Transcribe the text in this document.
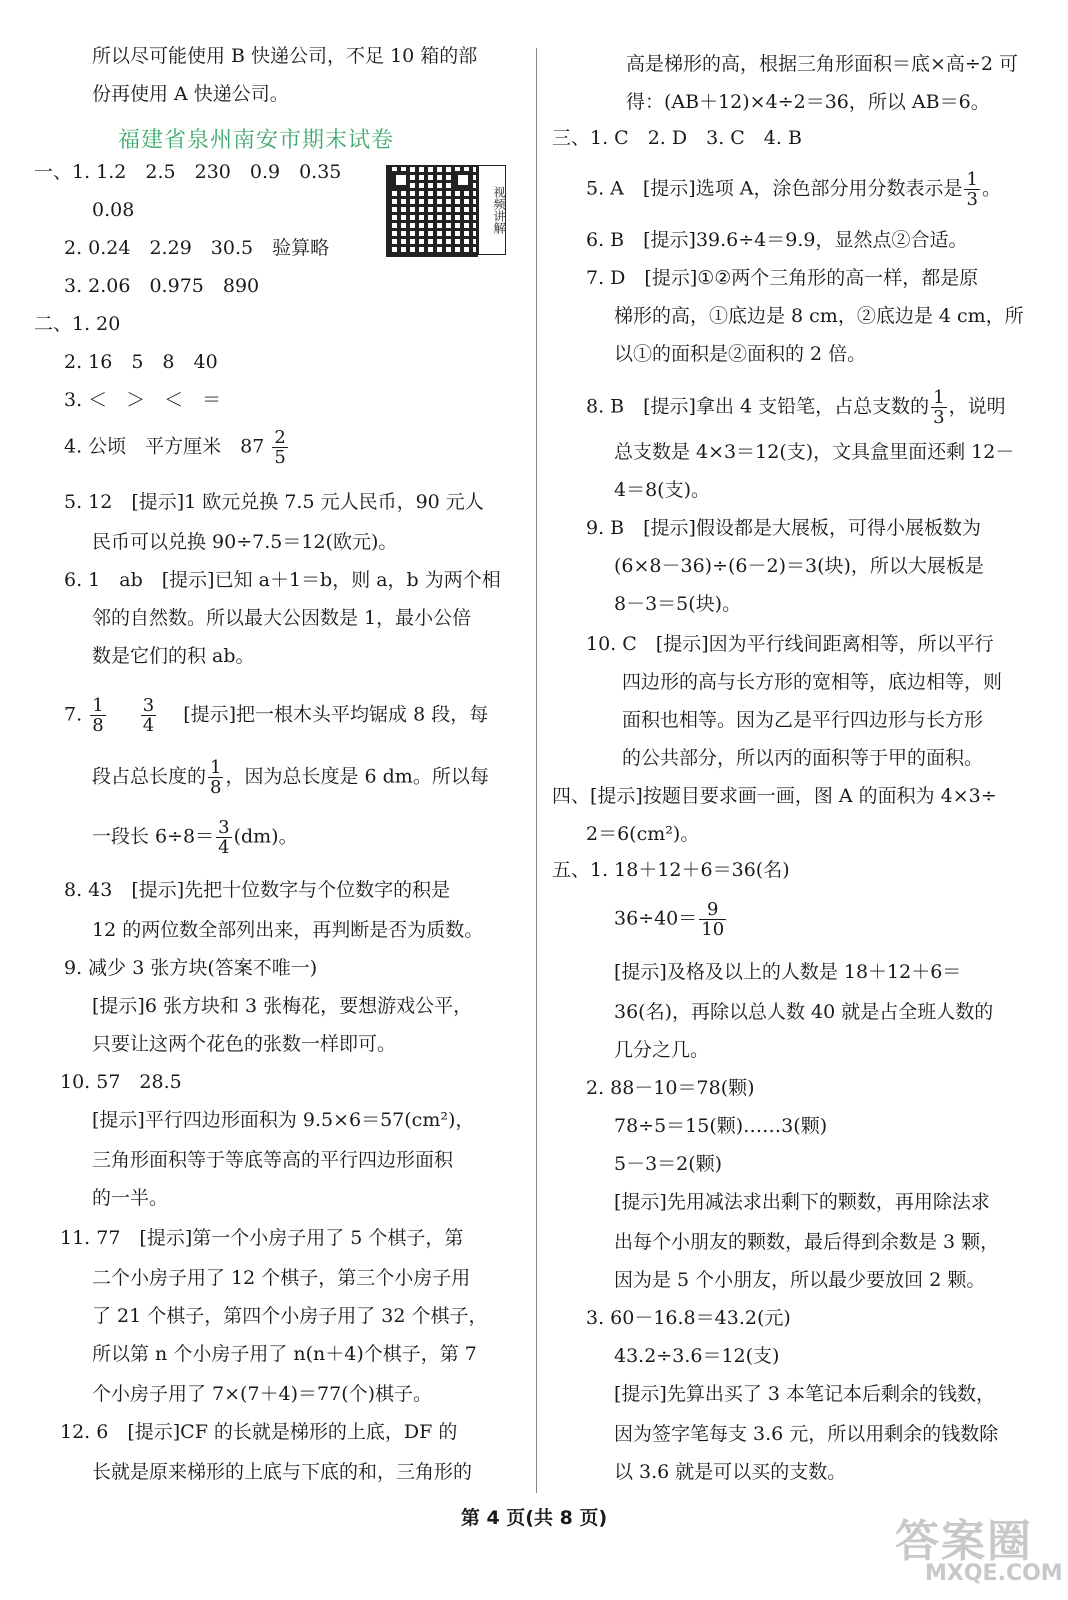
所以尽可能使用 B 快递公司，不足 10 箱的部
份再使用 A 快递公司。
一、1. 1.2　2.5　230　0.9　0.35
0.08
2. 0.24　2.29　30.5　验算略
3. 2.06　0.975　890
二、1. 20
2. 16　5　8　40
3. ＜　＞　＜　＝
5. 12　[提示]1 欧元兑换 7.5 元人民币，90 元人
民币可以兑换 90÷7.5＝12(欧元)。
6. 1　ab　[提示]已知 a＋1＝b，则 a，b 为两个相
邻的自然数。所以最大公因数是 1，最小公倍
数是它们的积 ab。
8. 43　[提示]先把十位数字与个位数字的积是
12 的两位数全部列出来，再判断是否为质数。
9. 减少 3 张方块(答案不唯一)
[提示]6 张方块和 3 张梅花，要想游戏公平，
只要让这两个花色的张数一样即可。
10. 57　28.5
[提示]平行四边形面积为 9.5×6＝57(cm²)，
三角形面积等于等底等高的平行四边形面积
的一半。
11. 77　[提示]第一个小房子用了 5 个棋子，第
二个小房子用了 12 个棋子，第三个小房子用
了 21 个棋子，第四个小房子用了 32 个棋子，
所以第 n 个小房子用了 n(n＋4)个棋子，第 7
个小房子用了 7×(7＋4)＝77(个)棋子。
12. 6　[提示]CF 的长就是梯形的上底，DF 的
长就是原来梯形的上底与下底的和，三角形的
高是梯形的高，根据三角形面积＝底×高÷2 可
得：(AB＋12)×4÷2＝36，所以 AB＝6。
三、1. C　2. D　3. C　4. B
6. B　[提示]39.6÷4＝9.9，显然点②合适。
7. D　[提示]①②两个三角形的高一样，都是原
梯形的高，①底边是 8 cm，②底边是 4 cm，所
以①的面积是②面积的 2 倍。
总支数是 4×3＝12(支)，文具盒里面还剩 12－
4＝8(支)。
9. B　[提示]假设都是大展板，可得小展板数为
(6×8－36)÷(6－2)＝3(块)，所以大展板是
8－3＝5(块)。
10. C　[提示]因为平行线间距离相等，所以平行
四边形的高与长方形的宽相等，底边相等，则
面积也相等。因为乙是平行四边形与长方形
的公共部分，所以丙的面积等于甲的面积。
四、[提示]按题目要求画一画，图 A 的面积为 4×3÷
2＝6(cm²)。
五、1. 18＋12＋6＝36(名)
[提示]及格及以上的人数是 18＋12＋6＝
36(名)，再除以总人数 40 就是占全班人数的
几分之几。
2. 88－10＝78(颗)
78÷5＝15(颗)……3(颗)
5－3＝2(颗)
[提示]先用减法求出剩下的颗数，再用除法求
出每个小朋友的颗数，最后得到余数是 3 颗，
因为是 5 个小朋友，所以最少要放回 2 颗。
3. 60－16.8＝43.2(元)
43.2÷3.6＝12(支)
[提示]先算出买了 3 本笔记本后剩余的钱数，
因为签字笔每支 3.6 元，所以用剩余的钱数除
以 3.6 就是可以买的支数。
福建省泉州南安市期末试卷
视频讲解
4. 公顷　平方厘米　$87 \frac{2}{5}$
7. $\frac{1}{8}$
　 $\frac{3}{4}$
　 [提示]把一根木头平均锯成 8 段，每
段占总长度的 $\frac{1}{8}$ ，因为总长度是 6 dm。所以每
一段长 $6\div 8= \frac{3}{4} (dm)$。
5. A　[提示]选项 A，涂色部分用分数表示是 $\frac{1}{3}$ 。
8. B　[提示]拿出 4 支铅笔，占总支数的 $\frac{1}{3}$ ，说明
$36\div 40= \frac{9}{10}$
第 4 页(共 8 页)	答案圈
MXQE.COM
